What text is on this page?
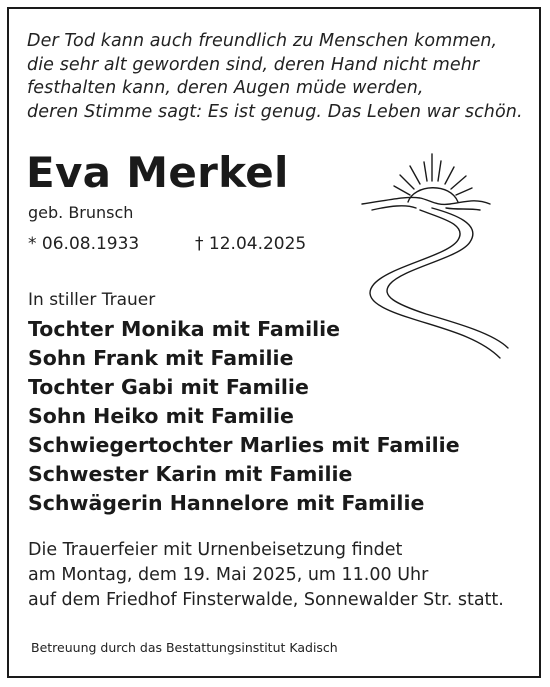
Der Tod kann auch freundlich zu Menschen kommen,
die sehr alt geworden sind, deren Hand nicht mehr
festhalten kann, deren Augen müde werden,
deren Stimme sagt: Es ist genug. Das Leben war schön.
Eva Merkel
geb. Brunsch
* 06.08.1933	† 12.04.2025
In stiller Trauer
Tochter Monika mit Familie
Sohn Frank mit Familie
Tochter Gabi mit Familie
Sohn Heiko mit Familie
Schwiegertochter Marlies mit Familie
Schwester Karin mit Familie
Schwägerin Hannelore mit Familie
Die Trauerfeier mit Urnenbeisetzung findet
am Montag, dem 19. Mai 2025, um 11.00 Uhr
auf dem Friedhof Finsterwalde, Sonnewalder Str. statt.
Betreuung durch das Bestattungsinstitut Kadisch
